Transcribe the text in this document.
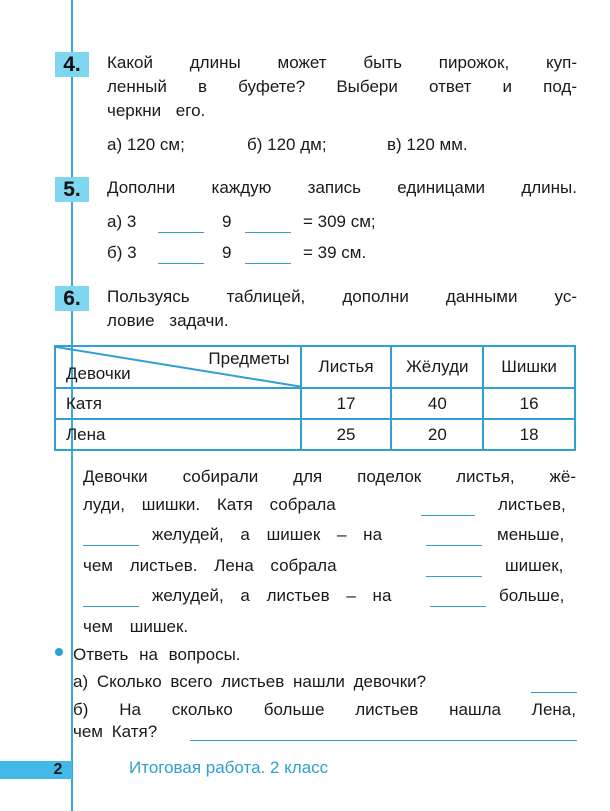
4.	Какой длины может быть пирожок, куп-
ленный в буфете? Выбери ответ и под-
черкни его.
а) 120 см;	б) 120 дм;	в) 120 мм.
5.	Дополни каждую запись единицами длины.
а) 3	9	= 309 см;
б) 3	9	= 39 см.
6.	Пользуясь таблицей, дополни данными ус-
ловие задачи.
Предметы
Девочки	Листья	Жёлуди	Шишки
Катя	17	40	16
Лена	25	20	18
Девочки собирали для поделок листья, жё-
луди, шишки. Катя собрала	листьев,
желудей, а шишек – на	меньше,
чем листьев. Лена собрала	шишек,
желудей, а листьев – на	больше,
чем шишек.
Ответь на вопросы.
а) Сколько всего листьев нашли девочки?
б) На сколько больше листьев нашла Лена,
чем Катя?
2	Итоговая работа. 2 класс
